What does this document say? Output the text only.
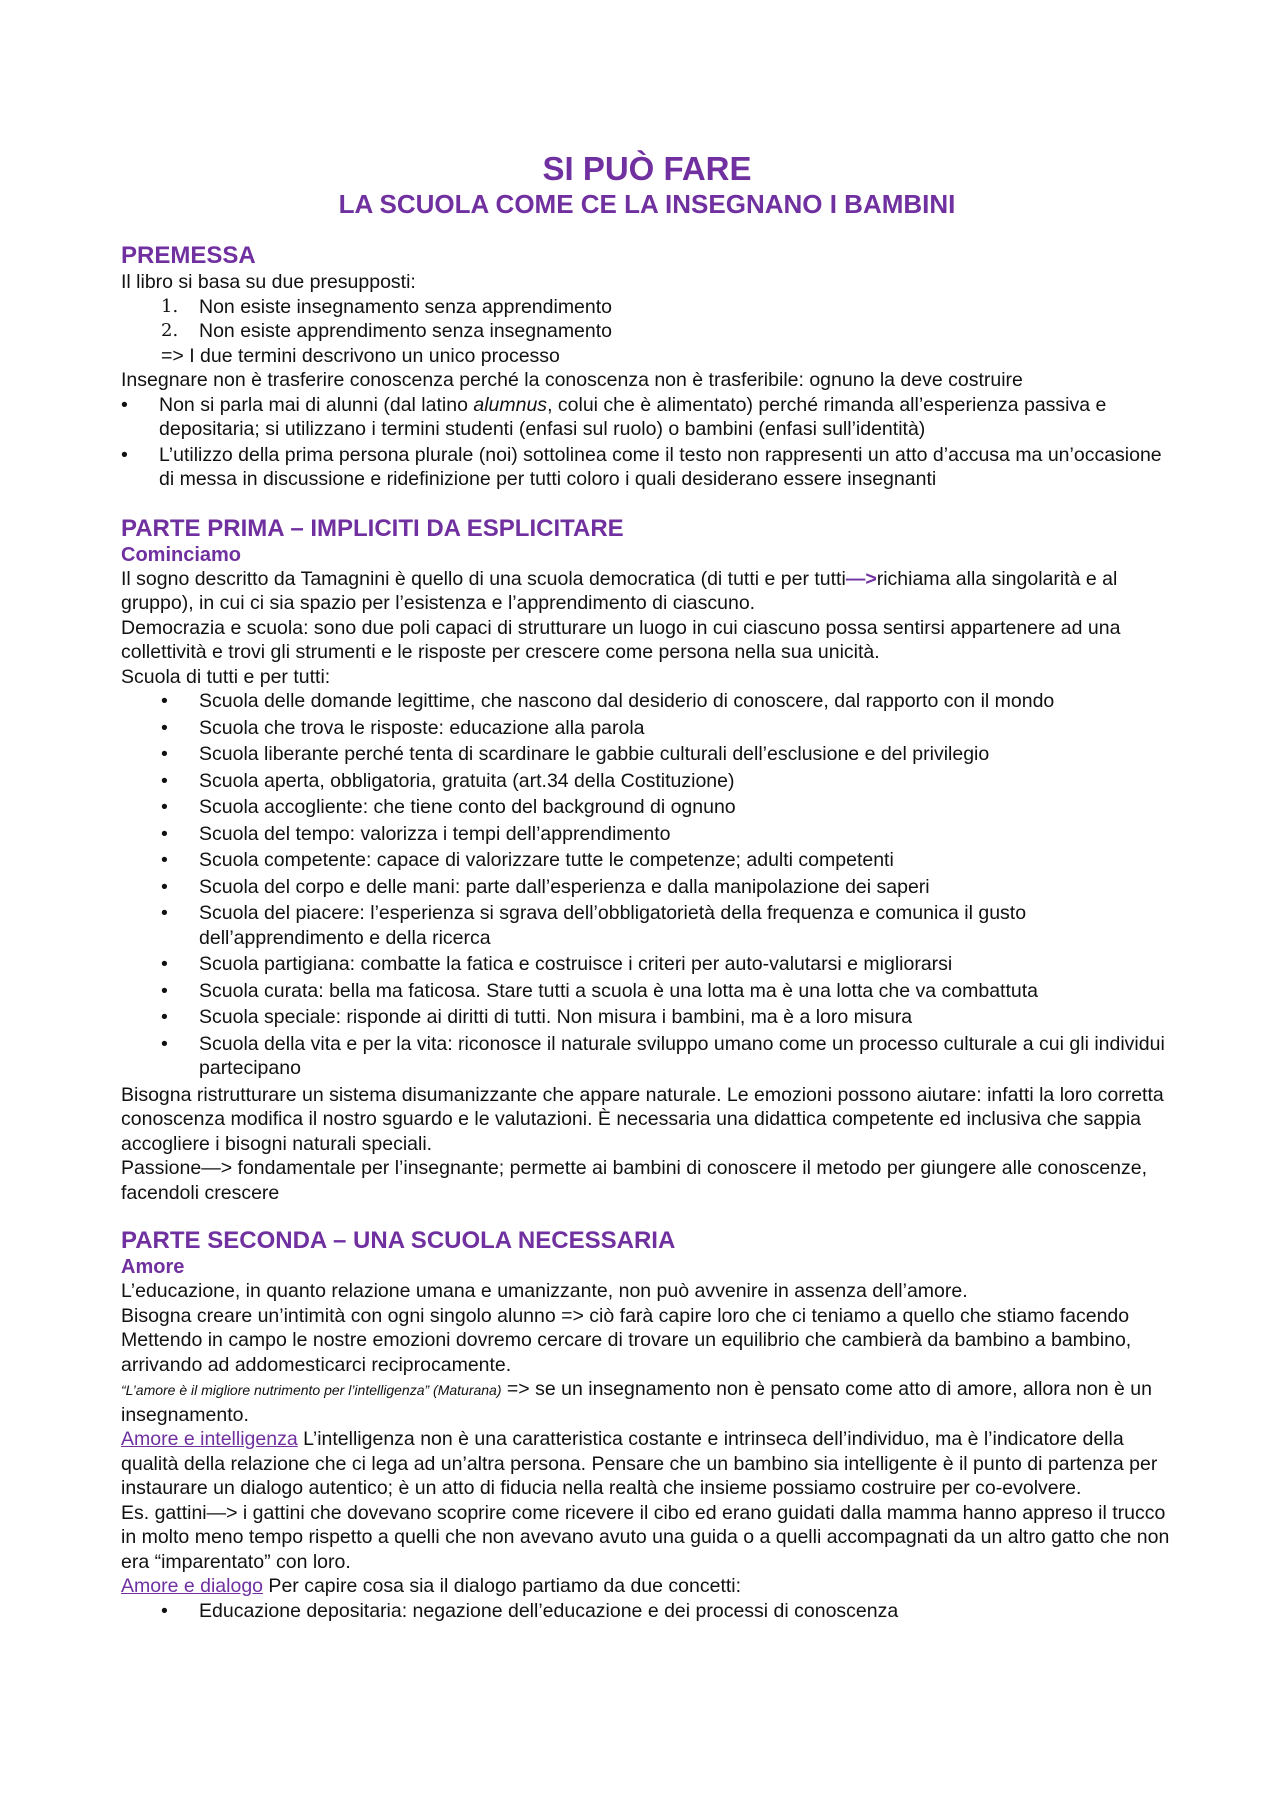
SI PUÒ FARE
LA SCUOLA COME CE LA INSEGNANO I BAMBINI
PREMESSA

Il libro si basa su due presupposti:

1. Non esiste insegnamento senza apprendimento
2. Non esiste apprendimento senza insegnamento

=> I due termini descrivono un unico processo

Insegnare non è trasferire conoscenza perché la conoscenza non è trasferibile: ognuno la deve costruire

• Non si parla mai di alunni (dal latino alumnus, colui che è alimentato) perché rimanda all’esperienza passiva e depositaria; si utilizzano i termini studenti (enfasi sul ruolo) o bambini (enfasi sull’identità)
• L’utilizzo della prima persona plurale (noi) sottolinea come il testo non rappresenti un atto d’accusa ma un’occasione di messa in discussione e ridefinizione per tutti coloro i quali desiderano essere insegnanti
PARTE PRIMA – IMPLICITI DA ESPLICITARE
Cominciamo

Il sogno descritto da Tamagnini è quello di una scuola democratica (di tutti e per tutti—>richiama alla singolarità e al gruppo), in cui ci sia spazio per l’esistenza e l’apprendimento di ciascuno.

Democrazia e scuola: sono due poli capaci di strutturare un luogo in cui ciascuno possa sentirsi appartenere ad una collettività e trovi gli strumenti e le risposte per crescere come persona nella sua unicità.

Scuola di tutti e per tutti:

• Scuola delle domande legittime, che nascono dal desiderio di conoscere, dal rapporto con il mondo
• Scuola che trova le risposte: educazione alla parola
• Scuola liberante perché tenta di scardinare le gabbie culturali dell’esclusione e del privilegio
• Scuola aperta, obbligatoria, gratuita (art.34 della Costituzione)
• Scuola accogliente: che tiene conto del background di ognuno
• Scuola del tempo: valorizza i tempi dell’apprendimento
• Scuola competente: capace di valorizzare tutte le competenze; adulti competenti
• Scuola del corpo e delle mani: parte dall’esperienza e dalla manipolazione dei saperi
• Scuola del piacere: l’esperienza si sgrava dell’obbligatorietà della frequenza e comunica il gusto dell’apprendimento e della ricerca
• Scuola partigiana: combatte la fatica e costruisce i criteri per auto-valutarsi e migliorarsi
• Scuola curata: bella ma faticosa. Stare tutti a scuola è una lotta ma è una lotta che va combattuta
• Scuola speciale: risponde ai diritti di tutti. Non misura i bambini, ma è a loro misura
• Scuola della vita e per la vita: riconosce il naturale sviluppo umano come un processo culturale a cui gli individui partecipano

Bisogna ristrutturare un sistema disumanizzante che appare naturale. Le emozioni possono aiutare: infatti la loro corretta conoscenza modifica il nostro sguardo e le valutazioni. È necessaria una didattica competente ed inclusiva che sappia accogliere i bisogni naturali speciali.

Passione—> fondamentale per l’insegnante; permette ai bambini di conoscere il metodo per giungere alle conoscenze, facendoli crescere

PARTE SECONDA – UNA SCUOLA NECESSARIA
Amore

L’educazione, in quanto relazione umana e umanizzante, non può avvenire in assenza dell’amore.

Bisogna creare un’intimità con ogni singolo alunno => ciò farà capire loro che ci teniamo a quello che stiamo facendo Mettendo in campo le nostre emozioni dovremo cercare di trovare un equilibrio che cambierà da bambino a bambino, arrivando ad addomesticarci reciprocamente.

“L’amore è il migliore nutrimento per l’intelligenza” (Maturana) => se un insegnamento non è pensato come atto di amore, allora non è un insegnamento.

Amore e intelligenza L’intelligenza non è una caratteristica costante e intrinseca dell’individuo, ma è l’indicatore della qualità della relazione che ci lega ad un’altra persona. Pensare che un bambino sia intelligente è il punto di partenza per instaurare un dialogo autentico; è un atto di fiducia nella realtà che insieme possiamo costruire per co-evolvere.

Es. gattini—> i gattini che dovevano scoprire come ricevere il cibo ed erano guidati dalla mamma hanno appreso il trucco in molto meno tempo rispetto a quelli che non avevano avuto una guida o a quelli accompagnati da un altro gatto che non era “imparentato” con loro.

Amore e dialogo Per capire cosa sia il dialogo partiamo da due concetti:

• Educazione depositaria: negazione dell’educazione e dei processi di conoscenza
